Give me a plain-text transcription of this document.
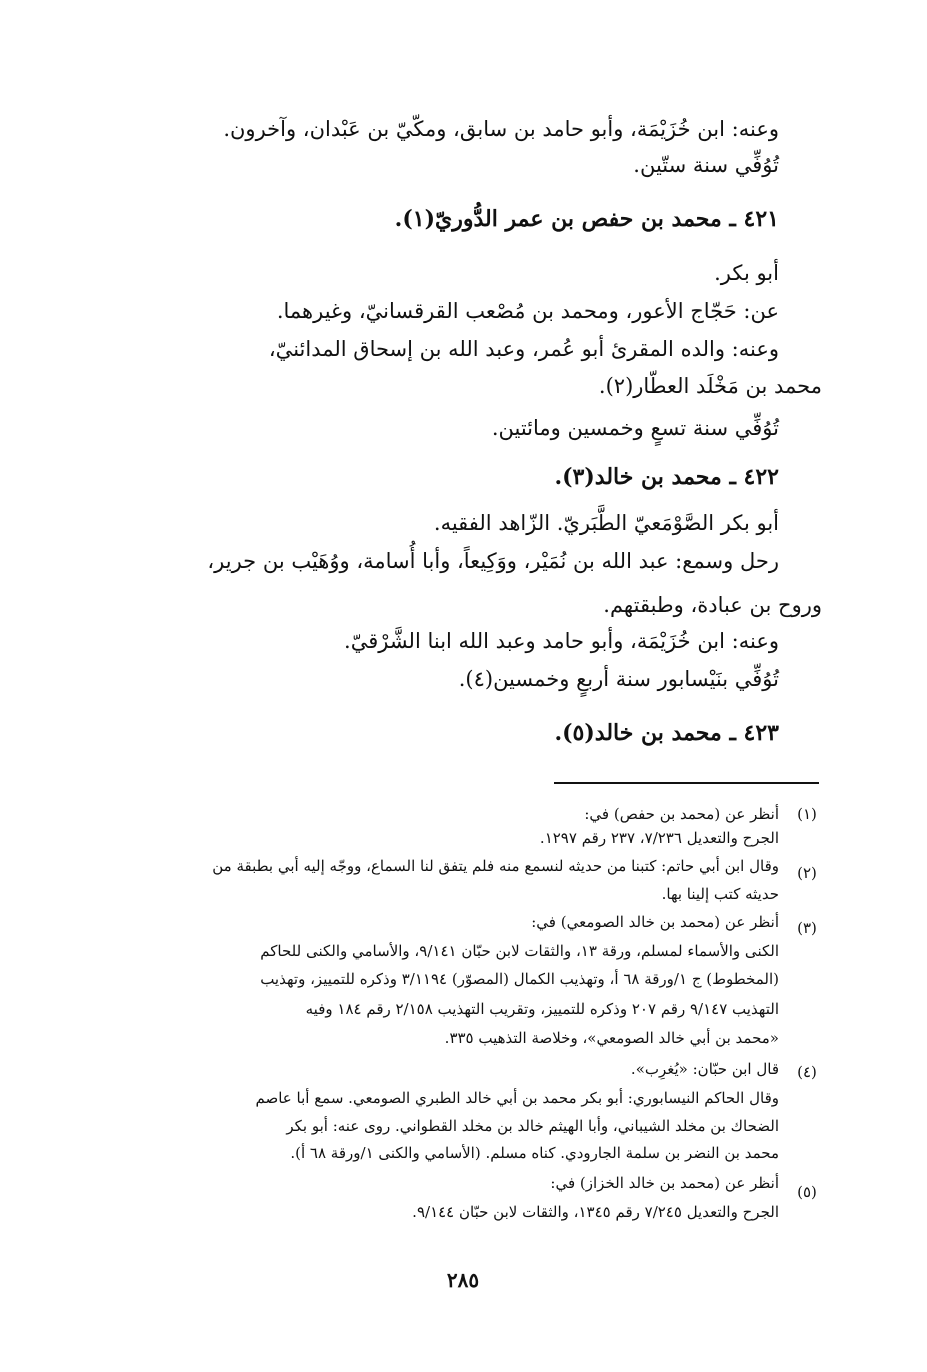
وعنه: ابن خُزَيْمَة، وأبو حامد بن سابق، ومكّيّ بن عَبْدان، وآخرون.
تُوُفِّي سنة ستّين.
٤٢١ ـ محمد بن حفص بن عمر الدُّوريّ(١).
أبو بكر.
عن: حَجّاج الأعور، ومحمد بن مُصْعب القرقسانيّ، وغيرهما.
وعنه: والده المقرئ أبو عُمر، وعبد الله بن إسحاق المدائنيّ،
محمد بن مَخْلَد العطّار(٢).
تُوُفِّي سنة تسعٍ وخمسين ومائتين.
٤٢٢ ـ محمد بن خالد(٣).
أبو بكر الصَّوْمَعيّ الطَّبَريّ. الزّاهد الفقيه.
رحل وسمع: عبد الله بن نُمَيْر، ووَكِيعاً، وأبا أُسامة، ووُهَيْب بن جرير،
وروح بن عبادة، وطبقتهم.
وعنه: ابن خُزَيْمَة، وأبو حامد وعبد الله ابنا الشَّرْقيّ.
تُوُفِّي بنَيْسابور سنة أربعٍ وخمسين(٤).
٤٢٣ ـ محمد بن خالد(٥).
(١)
أنظر عن (محمد بن حفص) في:
الجرح والتعديل ٧/٢٣٦، ٢٣٧ رقم ١٢٩٧.
(٢)
وقال ابن أبي حاتم: كتبنا من حديثه لنسمع منه فلم يتفق لنا السماع، ووجّه إليه أبي بطبقة من
حديثه كتب إلينا بها.
(٣)
أنظر عن (محمد بن خالد الصومعي) في:
الكنى والأسماء لمسلم، ورقة ١٣، والثقات لابن حبّان ٩/١٤١، والأسامي والكنى للحاكم
(المخطوط) ج ١/ورقة ٦٨ أ، وتهذيب الكمال (المصوّر) ٣/١١٩٤ وذكره للتمييز، وتهذيب
التهذيب ٩/١٤٧ رقم ٢٠٧ وذكره للتمييز، وتقريب التهذيب ٢/١٥٨ رقم ١٨٤ وفيه
«محمد بن أبي خالد الصومعي»، وخلاصة التذهيب ٣٣٥.
(٤)
قال ابن حبّان: «يُغرِب».
وقال الحاكم النيسابوري: أبو بكر محمد بن أبي خالد الطبري الصومعي. سمع أبا عاصم
الضحاك بن مخلد الشيباني، وأبا الهيثم خالد بن مخلد القطواني. روى عنه: أبو بكر
محمد بن النضر بن سلمة الجارودي. كناه مسلم. (الأسامي والكنى ١/ورقة ٦٨ أ).
(٥)
أنظر عن (محمد بن خالد الخزاز) في:
الجرح والتعديل ٧/٢٤٥ رقم ١٣٤٥، والثقات لابن حبّان ٩/١٤٤.
٢٨٥
